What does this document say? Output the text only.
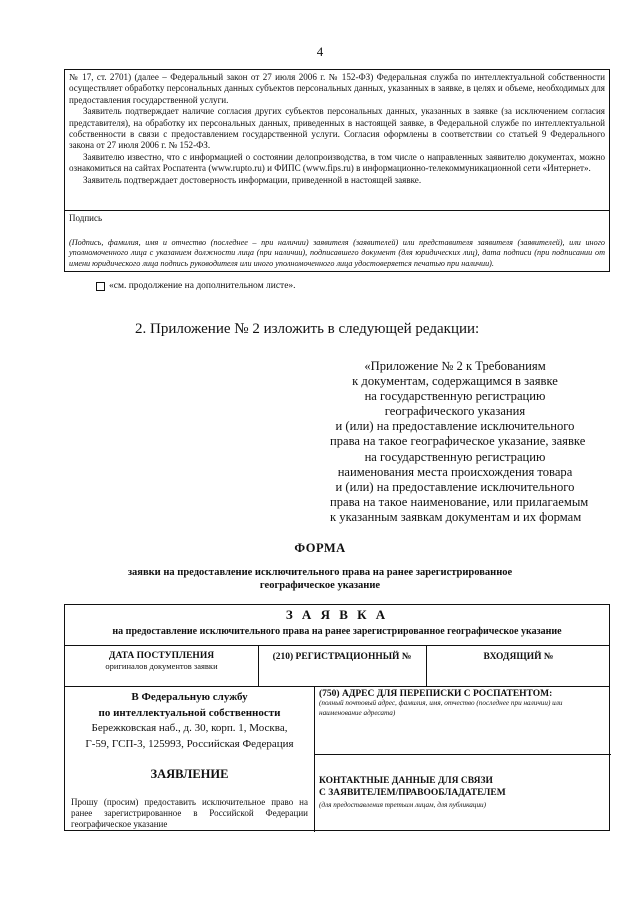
4

№ 17, ст. 2701) (далее – Федеральный закон от 27 июля 2006 г. № 152-ФЗ) Федеральная служба по интеллектуальной собственности осуществляет обработку персональных данных субъектов персональных данных, указанных в заявке, в целях и объеме, необходимых для предоставления государственной услуги.

Заявитель подтверждает наличие согласия других субъектов персональных данных, указанных в заявке (за исключением согласия представителя), на обработку их персональных данных, приведенных в настоящей заявке, в Федеральной службе по интеллектуальной собственности в связи с предоставлением государственной услуги. Согласия оформлены в соответствии со статьей 9 Федерального закона от 27 июля 2006 г. № 152-ФЗ.

Заявителю известно, что с информацией о состоянии делопроизводства, в том числе о направленных заявителю документах, можно ознакомиться на сайтах Роспатента (www.rupto.ru) и ФИПС (www.fips.ru) в информационно-телекоммуникационной сети «Интернет».

Заявитель подтверждает достоверность информации, приведенной в настоящей заявке.

Подпись

(Подпись, фамилия, имя и отчество (последнее – при наличии) заявителя (заявителей) или представителя заявителя (заявителей), или иного уполномоченного лица с указанием должности лица (при наличии), подписавшего документ (для юридических лиц), дата подписи (при подписании от имени юридического лица подпись руководителя или иного уполномоченного лица удостоверяется печатью при наличии).

«см. продолжение на дополнительном листе».
2. Приложение № 2 изложить в следующей редакции:
«Приложение № 2 к Требованиям
к документам, содержащимся в заявке
на государственную регистрацию
географического указания
и (или) на предоставление исключительного
права на такое географическое указание, заявке
на государственную регистрацию
наименования места происхождения товара
и (или) на предоставление исключительного
права на такое наименование, или прилагаемым
к указанным заявкам документам и их формам
ФОРМА
заявки на предоставление исключительного права на ранее зарегистрированное географическое указание
З А Я В К А
на предоставление исключительного права на ранее зарегистрированное географическое указание
ДАТА ПОСТУПЛЕНИЯ
оригиналов документов заявки
(210) РЕГИСТРАЦИОННЫЙ №	ВХОДЯЩИЙ №
В Федеральную службу
по интеллектуальной собственности
Бережковская наб., д. 30, корп. 1, Москва,
Г-59, ГСП-3, 125993, Российская Федерация
ЗАЯВЛЕНИЕ
Прошу (просим) предоставить исключительное право на ранее зарегистрированное в Российской Федерации географическое указание
(750) АДРЕС ДЛЯ ПЕРЕПИСКИ С РОСПАТЕНТОМ:
(полный почтовый адрес, фамилия, имя, отчество (последнее при наличии) или наименование адресата)
КОНТАКТНЫЕ ДАННЫЕ ДЛЯ СВЯЗИ
С ЗАЯВИТЕЛЕМ/ПРАВООБЛАДАТЕЛЕМ
(для предоставления третьим лицам, для публикации)
